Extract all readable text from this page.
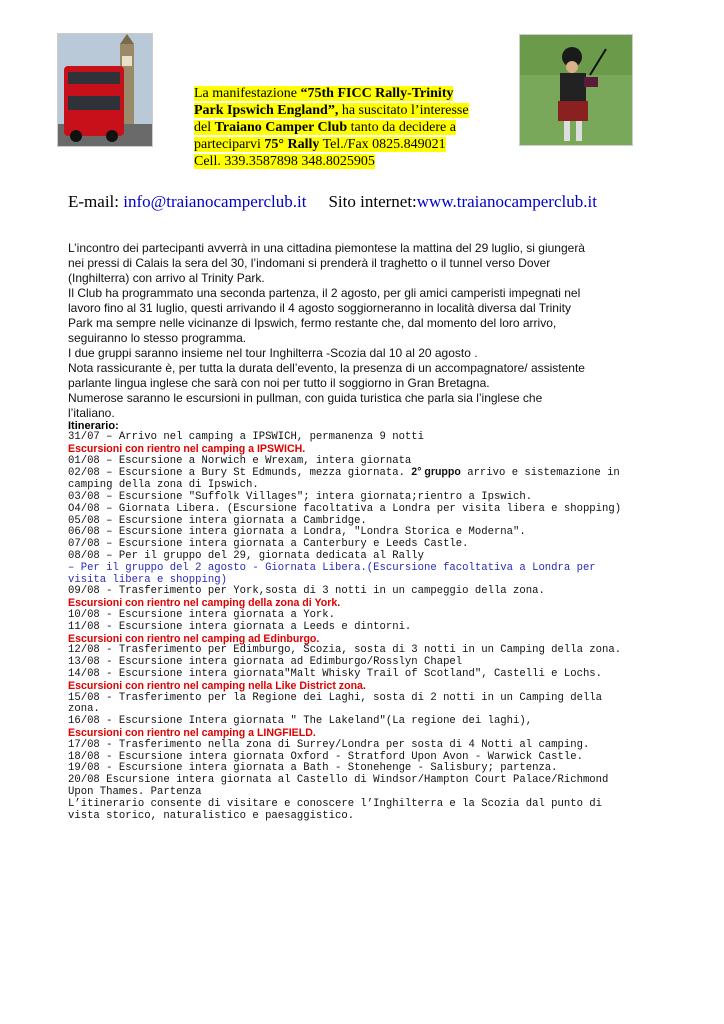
La manifestazione “75th FICC Rally-Trinity
Park Ipswich England”, ha suscitato l’interesse
del Traiano Camper Club tanto da decidere a
parteciparvi 75° Rally Tel./Fax 0825.849021
Cell. 339.3587898 348.8025905
E-mail: info@traianocamperclub.it Sito internet:www.traianocamperclub.it

L’incontro dei partecipanti avverrà in una cittadina piemontese la mattina del 29 luglio, si giungerà nei pressi di Calais la sera del 30, l’indomani si prenderà il traghetto o il tunnel verso Dover (Inghilterra) con arrivo al Trinity Park.

Il Club ha programmato una seconda partenza, il 2 agosto, per gli amici camperisti impegnati nel lavoro fino al 31 luglio, questi arrivando il 4 agosto soggiorneranno in località diversa dal Trinity Park ma sempre nelle vicinanze di Ipswich, fermo restante che, dal momento del loro arrivo, seguiranno lo stesso programma.

I due gruppi saranno insieme nel tour Inghilterra -Scozia dal 10 al 20 agosto .

Nota rassicurante è, per tutta la durata dell’evento, la presenza di un accompagnatore/ assistente parlante lingua inglese che sarà con noi per tutto il soggiorno in Gran Bretagna.

Numerose saranno le escursioni in pullman, con guida turistica che parla sia l’inglese che l’italiano.

Itinerario:
31/07 – Arrivo nel camping a IPSWICH, permanenza 9 notti
Escursioni con rientro nel camping a IPSWICH.
01/08 – Escursione a Norwich e Wrexam, intera giornata
02/08 – Escursione a Bury St Edmunds, mezza giornata. 2° gruppo arrivo e sistemazione in camping della zona di Ipswich.
03/08 – Escursione "Suffolk Villages"; intera giornata;rientro a Ipswich.
O4/08 – Giornata Libera. (Escursione facoltativa a Londra per visita libera e shopping)
05/08 – Escursione intera giornata a Cambridge.
06/08 – Escursione intera giornata a Londra, "Londra Storica e Moderna".
07/08 – Escursione intera giornata a Canterbury e Leeds Castle.
08/08 – Per il gruppo del 29, giornata dedicata al Rally
– Per il gruppo del 2 agosto - Giornata Libera.(Escursione facoltativa a Londra per visita libera e shopping)
09/08 - Trasferimento per York,sosta di 3 notti in un campeggio della zona.
Escursioni con rientro nel camping della zona di York.
10/08 - Escursione intera giornata a York.
11/08 - Escursione intera giornata a Leeds e dintorni.
Escursioni con rientro nel camping ad Edinburgo.
12/08 - Trasferimento per Edimburgo, Scozia, sosta di 3 notti in un Camping della zona.
13/08 - Escursione intera giornata ad Edimburgo/Rosslyn Chapel
14/08 - Escursione intera giornata"Malt Whisky Trail of Scotland", Castelli e Lochs.
Escursioni con rientro nel camping nella Like District zona.
15/08 - Trasferimento per la Regione dei Laghi, sosta di 2 notti in un Camping della zona.
16/08 - Escursione Intera giornata " The Lakeland"(La regione dei laghi),
Escursioni con rientro nel camping a LINGFIELD.
17/08 - Trasferimento nella zona di Surrey/Londra per sosta di 4 Notti al camping.
18/08 - Escursione intera giornata Oxford - Stratford Upon Avon - Warwick Castle.
19/08 - Escursione intera giornata a Bath - Stonehenge - Salisbury; partenza.
20/08 Escursione intera giornata al Castello di Windsor/Hampton Court Palace/Richmond Upon Thames. Partenza
L’itinerario consente di visitare e conoscere l’Inghilterra e la Scozia dal punto di vista storico, naturalistico e paesaggistico.
